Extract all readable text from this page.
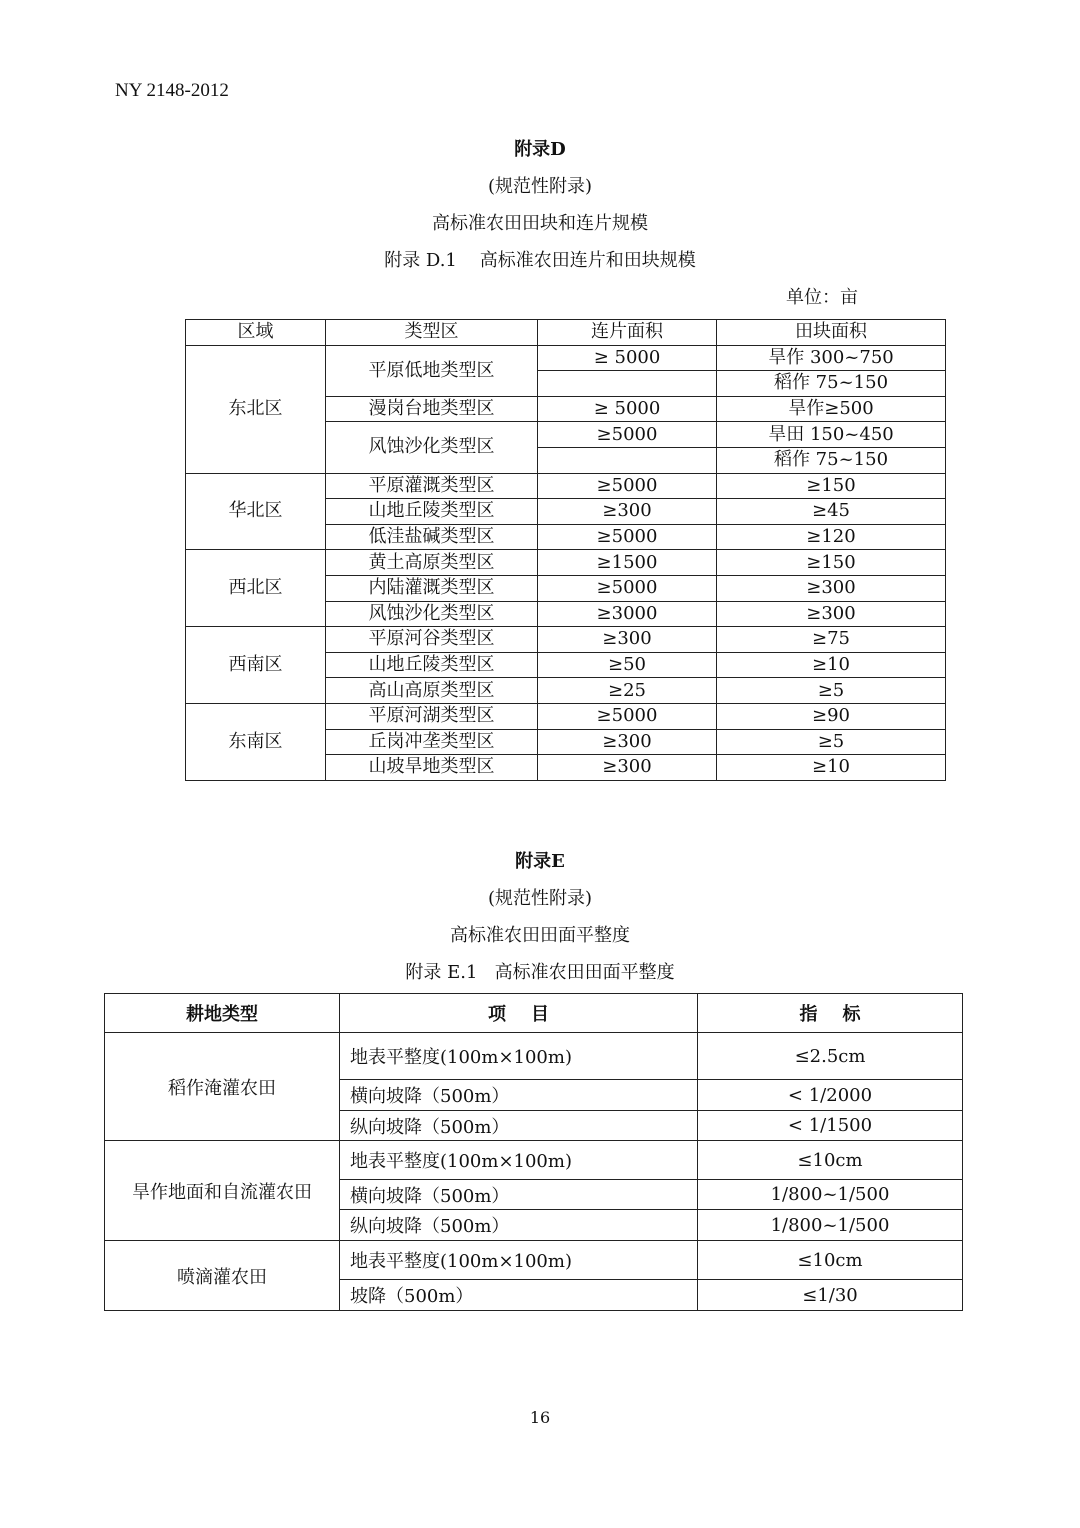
NY 2148-2012
附录D
(规范性附录)
高标准农田田块和连片规模
附录 D.1    高标准农田连片和田块规模
单位：亩
区域	类型区	连片面积	田块面积
东北区	平原低地类型区	≥ 5000	旱作 300~750
			稻作 75~150
	漫岗台地类型区	≥ 5000	旱作≥500
	风蚀沙化类型区	≥5000	旱田 150~450
			稻作 75~150
华北区	平原灌溉类型区	≥5000	≥150
	山地丘陵类型区	≥300	≥45
	低洼盐碱类型区	≥5000	≥120
西北区	黄土高原类型区	≥1500	≥150
	内陆灌溉类型区	≥5000	≥300
	风蚀沙化类型区	≥3000	≥300
西南区	平原河谷类型区	≥300	≥75
	山地丘陵类型区	≥50	≥10
	高山高原类型区	≥25	≥5
东南区	平原河湖类型区	≥5000	≥90
	丘岗冲垄类型区	≥300	≥5
	山坡旱地类型区	≥300	≥10
附录E
(规范性附录)
高标准农田田面平整度
附录 E.1   高标准农田田面平整度
耕地类型	项    目	指    标
稻作淹灌农田	地表平整度(100m×100m)	≤2.5cm
	横向坡降（500m）	< 1/2000
	纵向坡降（500m）	< 1/1500
旱作地面和自流灌农田	地表平整度(100m×100m)	≤10cm
	横向坡降（500m）	1/800~1/500
	纵向坡降（500m）	1/800~1/500
喷滴灌农田	地表平整度(100m×100m)	≤10cm
	坡降（500m）	≤1/30
16
